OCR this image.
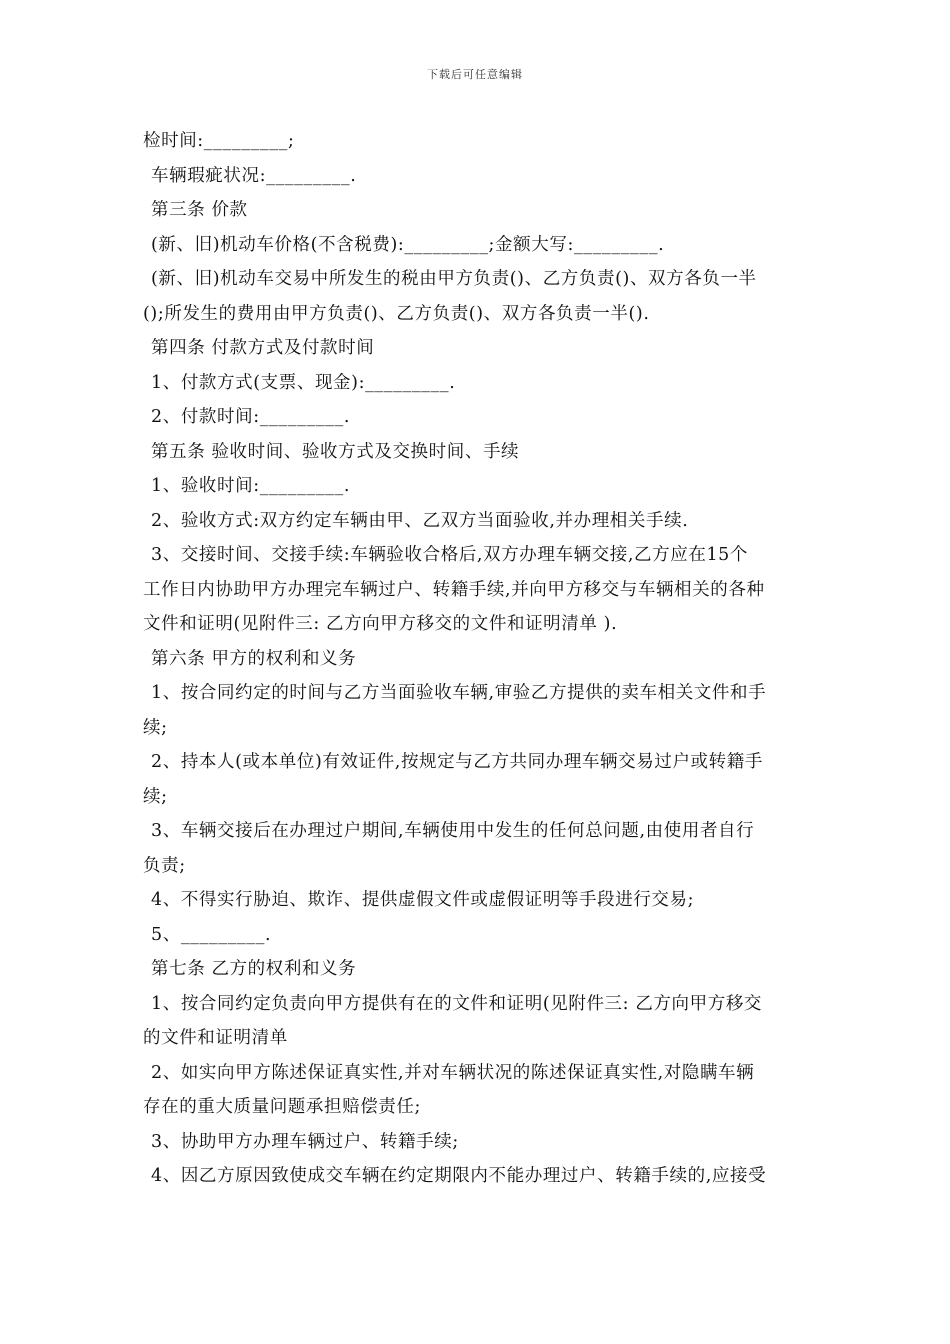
下载后可任意编辑
检时间:_________;
车辆瑕疵状况:_________.
第三条 价款
(新、旧)机动车价格(不含税费):_________;金额大写:_________.
(新、旧)机动车交易中所发生的税由甲方负责()、乙方负责()、双方各负一半
();所发生的费用由甲方负责()、乙方负责()、双方各负责一半().
第四条 付款方式及付款时间
1、付款方式(支票、现金):_________.
2、付款时间:_________.
第五条 验收时间、验收方式及交换时间、手续
1、验收时间:_________.
2、验收方式:双方约定车辆由甲、乙双方当面验收,并办理相关手续.
3、交接时间、交接手续:车辆验收合格后,双方办理车辆交接,乙方应在15个
工作日内协助甲方办理完车辆过户、转籍手续,并向甲方移交与车辆相关的各种
文件和证明(见附件三: 乙方向甲方移交的文件和证明清单 ).
第六条 甲方的权利和义务
1、按合同约定的时间与乙方当面验收车辆,审验乙方提供的卖车相关文件和手
续;
2、持本人(或本单位)有效证件,按规定与乙方共同办理车辆交易过户或转籍手
续;
3、车辆交接后在办理过户期间,车辆使用中发生的任何总问题,由使用者自行
负责;
4、不得实行胁迫、欺诈、提供虚假文件或虚假证明等手段进行交易;
5、_________.
第七条 乙方的权利和义务
1、按合同约定负责向甲方提供有在的文件和证明(见附件三: 乙方向甲方移交
的文件和证明清单
2、如实向甲方陈述保证真实性,并对车辆状况的陈述保证真实性,对隐瞒车辆
存在的重大质量问题承担赔偿责任;
3、协助甲方办理车辆过户、转籍手续;
4、因乙方原因致使成交车辆在约定期限内不能办理过户、转籍手续的,应接受
